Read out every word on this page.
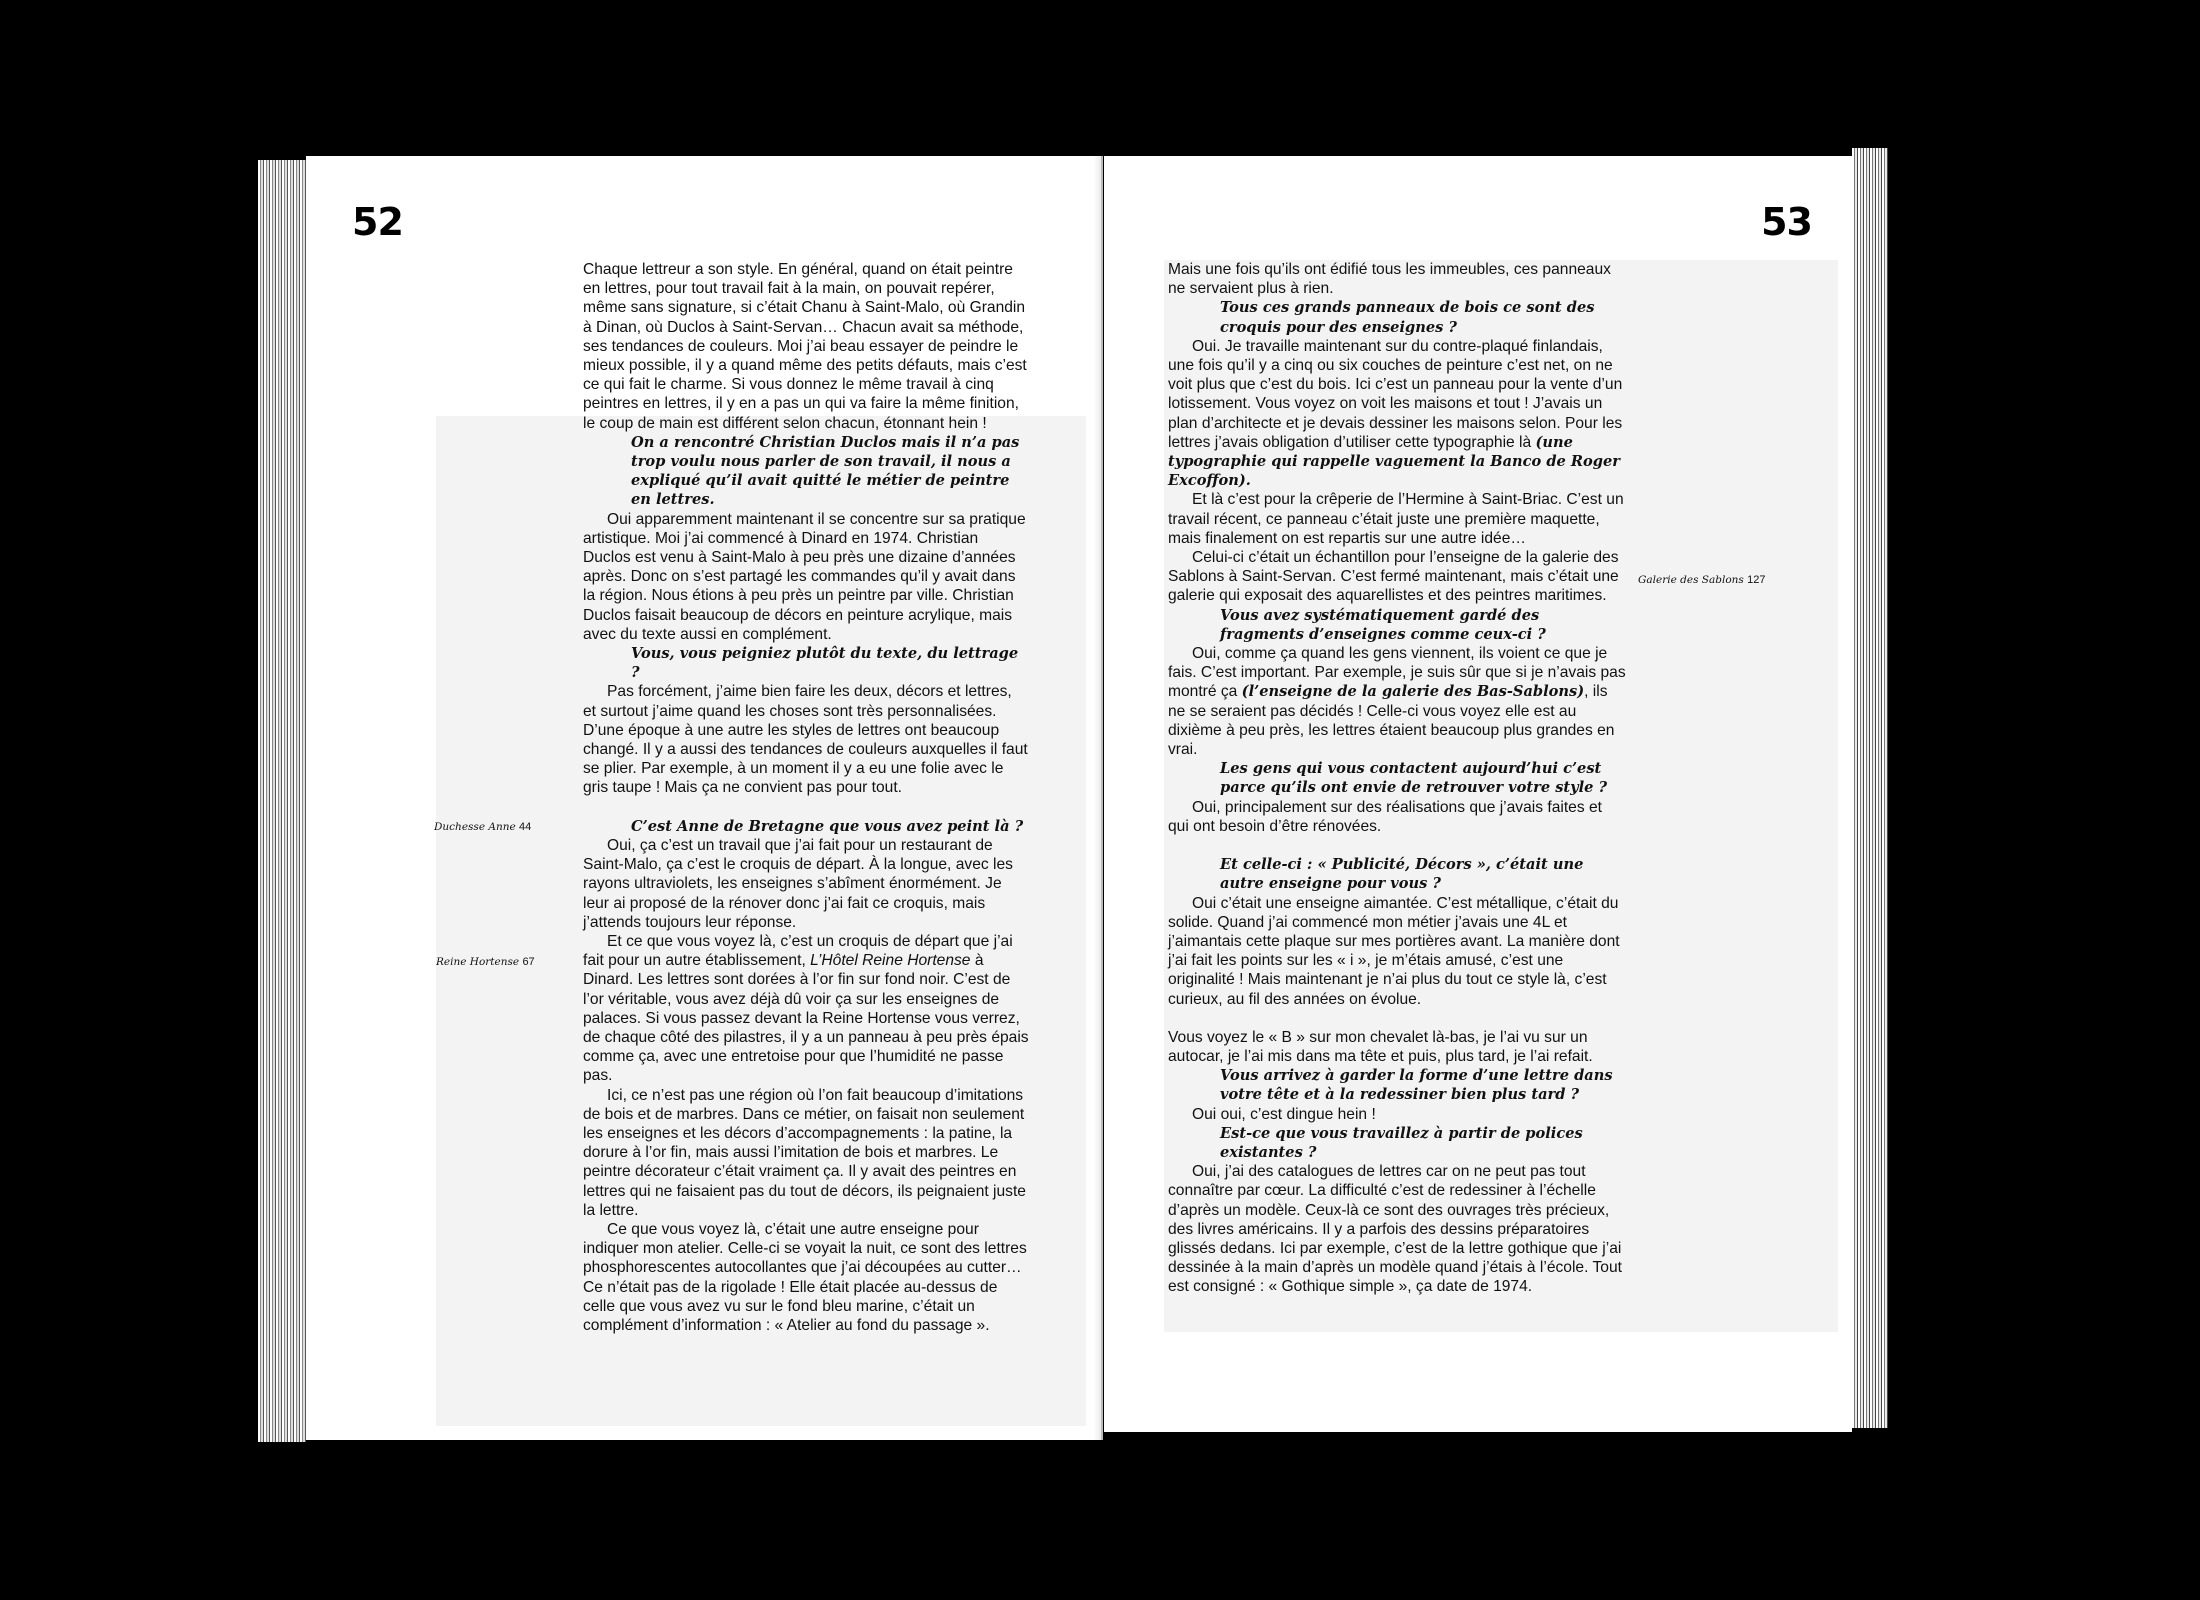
52
Duchesse Anne 44
Reine Hortense 67

Chaque lettreur a son style. En général, quand on était peintre en lettres, pour tout travail fait à la main, on pouvait repérer, même sans signature, si c’était Chanu à Saint-Malo, où Grandin à Dinan, où Duclos à Saint-Servan… Chacun avait sa méthode, ses tendances de couleurs. Moi j’ai beau essayer de peindre le mieux possible, il y a quand même des petits défauts, mais c’est ce qui fait le charme. Si vous donnez le même travail à cinq peintres en lettres, il y en a pas un qui va faire la même finition, le coup de main est différent selon chacun, étonnant hein !

On a rencontré Christian Duclos mais il n’a pas trop voulu nous parler de son travail, il nous a expliqué qu’il avait quitté le métier de peintre en lettres.

Oui apparemment maintenant il se concentre sur sa pratique artistique. Moi j’ai commencé à Dinard en 1974. Christian Duclos est venu à Saint-Malo à peu près une dizaine d’années après. Donc on s’est partagé les commandes qu’il y avait dans la région. Nous étions à peu près un peintre par ville. Christian Duclos faisait beaucoup de décors en peinture acrylique, mais avec du texte aussi en complément.

Vous, vous peigniez plutôt du texte, du lettrage ?

Pas forcément, j’aime bien faire les deux, décors et lettres, et surtout j’aime quand les choses sont très personnalisées. D’une époque à une autre les styles de lettres ont beaucoup changé. Il y a aussi des tendances de couleurs auxquelles il faut se plier. Par exemple, à un moment il y a eu une folie avec le gris taupe ! Mais ça ne convient pas pour tout.

C’est Anne de Bretagne que vous avez peint là ?

Oui, ça c’est un travail que j’ai fait pour un restaurant de Saint-Malo, ça c’est le croquis de départ. À la longue, avec les rayons ultraviolets, les enseignes s’abîment énormément. Je leur ai proposé de la rénover donc j’ai fait ce croquis, mais j’attends toujours leur réponse.

Et ce que vous voyez là, c’est un croquis de départ que j’ai fait pour un autre établissement, L’Hôtel Reine Hortense à Dinard. Les lettres sont dorées à l’or fin sur fond noir. C’est de l’or véritable, vous avez déjà dû voir ça sur les enseignes de palaces. Si vous passez devant la Reine Hortense vous verrez, de chaque côté des pilastres, il y a un panneau à peu près épais comme ça, avec une entretoise pour que l’humidité ne passe pas.

Ici, ce n’est pas une région où l’on fait beaucoup d’imitations de bois et de marbres. Dans ce métier, on faisait non seulement les enseignes et les décors d’accompagnements : la patine, la dorure à l’or fin, mais aussi l’imitation de bois et marbres. Le peintre décorateur c’était vraiment ça. Il y avait des peintres en lettres qui ne faisaient pas du tout de décors, ils peignaient juste la lettre.

Ce que vous voyez là, c’était une autre enseigne pour indiquer mon atelier. Celle-ci se voyait la nuit, ce sont des lettres phosphorescentes autocollantes que j’ai découpées au cutter… Ce n’était pas de la rigolade ! Elle était placée au-dessus de celle que vous avez vu sur le fond bleu marine, c’était un complément d’information : « Atelier au fond du passage ».

53
Galerie des Sablons 127

Mais une fois qu’ils ont édifié tous les immeubles, ces panneaux ne servaient plus à rien.

Tous ces grands panneaux de bois ce sont des croquis pour des enseignes ?

Oui. Je travaille maintenant sur du contre-plaqué finlandais, une fois qu’il y a cinq ou six couches de peinture c’est net, on ne voit plus que c’est du bois. Ici c’est un panneau pour la vente d’un lotissement. Vous voyez on voit les maisons et tout ! J’avais un plan d’architecte et je devais dessiner les maisons selon. Pour les lettres j’avais obligation d’utiliser cette typographie là (une typographie qui rappelle vaguement la Banco de Roger Excoffon).

Et là c’est pour la crêperie de l’Hermine à Saint-Briac. C’est un travail récent, ce panneau c’était juste une première maquette, mais finalement on est repartis sur une autre idée…

Celui-ci c’était un échantillon pour l’enseigne de la galerie des Sablons à Saint-Servan. C’est fermé maintenant, mais c’était une galerie qui exposait des aquarellistes et des peintres maritimes.

Vous avez systématiquement gardé des fragments d’enseignes comme ceux-ci ?

Oui, comme ça quand les gens viennent, ils voient ce que je fais. C’est important. Par exemple, je suis sûr que si je n’avais pas montré ça (l’enseigne de la galerie des Bas-Sablons), ils ne se seraient pas décidés ! Celle-ci vous voyez elle est au dixième à peu près, les lettres étaient beaucoup plus grandes en vrai.

Les gens qui vous contactent aujourd’hui c’est parce qu’ils ont envie de retrouver votre style ?

Oui, principalement sur des réalisations que j’avais faites et qui ont besoin d’être rénovées.

Et celle-ci : « Publicité, Décors », c’était une autre enseigne pour vous ?

Oui c’était une enseigne aimantée. C’est métallique, c’était du solide. Quand j’ai commencé mon métier j’avais une 4L et j’aimantais cette plaque sur mes portières avant. La manière dont j’ai fait les points sur les « i », je m’étais amusé, c’est une originalité ! Mais maintenant je n’ai plus du tout ce style là, c’est curieux, au fil des années on évolue.

Vous voyez le « B » sur mon chevalet là-bas, je l’ai vu sur un autocar, je l’ai mis dans ma tête et puis, plus tard, je l’ai refait.

Vous arrivez à garder la forme d’une lettre dans votre tête et à la redessiner bien plus tard ?

Oui oui, c’est dingue hein !

Est-ce que vous travaillez à partir de polices existantes ?

Oui, j’ai des catalogues de lettres car on ne peut pas tout connaître par cœur. La difficulté c’est de redessiner à l’échelle d’après un modèle. Ceux-là ce sont des ouvrages très précieux, des livres américains. Il y a parfois des dessins préparatoires glissés dedans. Ici par exemple, c’est de la lettre gothique que j’ai dessinée à la main d’après un modèle quand j’étais à l’école. Tout est consigné : « Gothique simple », ça date de 1974.
